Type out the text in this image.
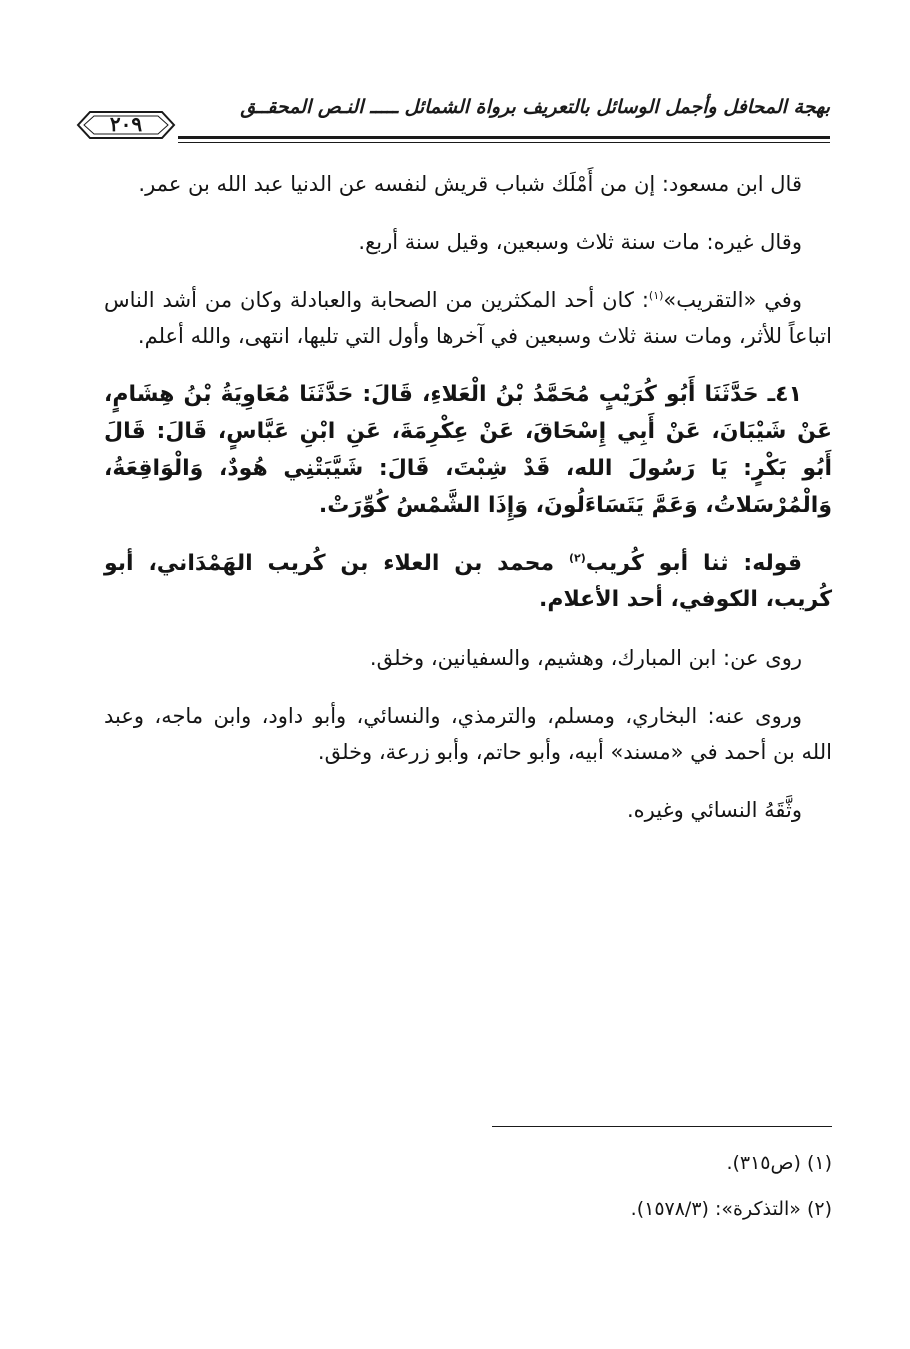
بهجة المحافل وأجمل الوسائل بالتعريف برواة الشمائل ـــــ النـص المحقــق
٢٠٩

قال ابن مسعود: إن من أَمْلَك شباب قريش لنفسه عن الدنيا عبد الله بن عمر.

وقال غيره: مات سنة ثلاث وسبعين، وقيل سنة أربع.

وفي «التقريب»$^{(١)}$: كان أحد المكثرين من الصحابة والعبادلة وكان من أشد الناس اتباعاً للأثر، ومات سنة ثلاث وسبعين في آخرها وأول التي تليها، انتهى، والله أعلم.

٤١ـ حَدَّثَنَا أَبُو كُرَيْبٍ مُحَمَّدُ بْنُ الْعَلاءِ، قَالَ: حَدَّثَنَا مُعَاوِيَةُ بْنُ هِشَامٍ، عَنْ شَيْبَانَ، عَنْ أَبِي إِسْحَاقَ، عَنْ عِكْرِمَةَ، عَنِ ابْنِ عَبَّاسٍ، قَالَ: قَالَ أَبُو بَكْرٍ: يَا رَسُولَ الله، قَدْ شِبْتَ، قَالَ: شَيَّبَتْنِي هُودٌ، وَالْوَاقِعَةُ، وَالْمُرْسَلاتُ، وَعَمَّ يَتَسَاءَلُونَ، وَإِذَا الشَّمْسُ كُوِّرَتْ.

قوله: ثنا أبو كُريب$^{(٢)}$ محمد بن العلاء بن كُريب الهَمْدَاني، أبو كُريب، الكوفي، أحد الأعلام.

روى عن: ابن المبارك، وهشيم، والسفيانين، وخلق.

وروى عنه: البخاري، ومسلم، والترمذي، والنسائي، وأبو داود، وابن ماجه، وعبد الله بن أحمد في «مسند» أبيه، وأبو حاتم، وأبو زرعة، وخلق.

وثَّقَهُ النسائي وغيره.

(١) (ص٣١٥).

(٢) «التذكرة»: (١٥٧٨/٣).
